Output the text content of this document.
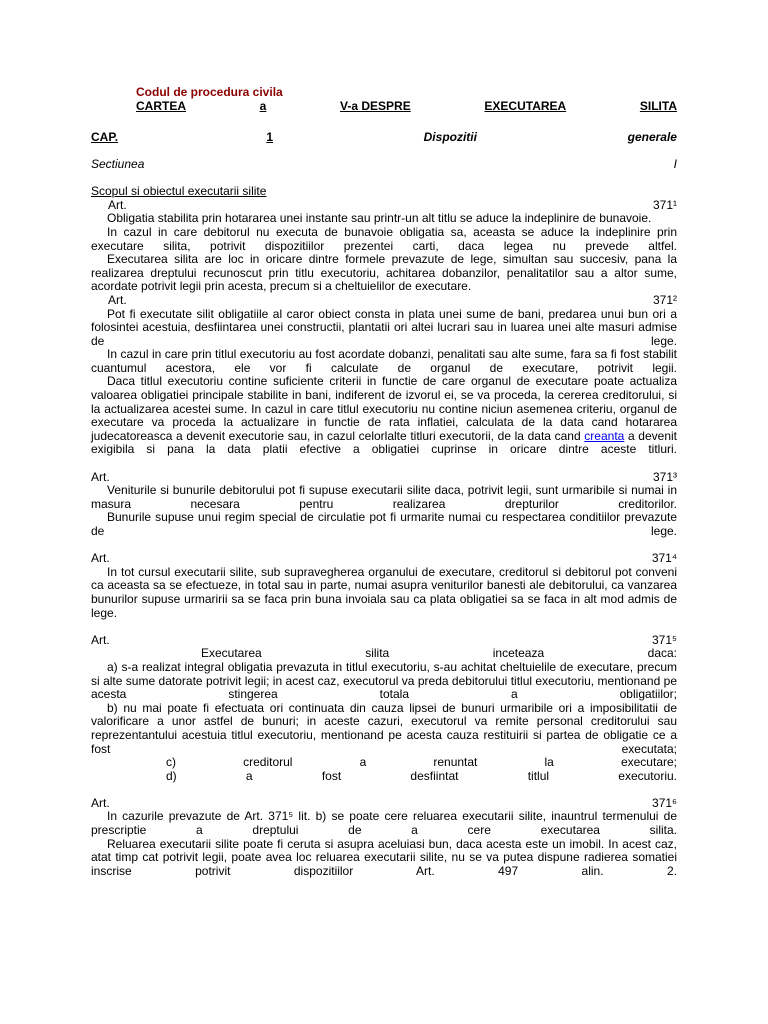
Codul de procedura civila
CARTEA	a	V-a DESPRE	EXECUTAREA	SILITA
CAP.	1	Dispozitii	generale
Sectiunea	I
Scopul si obiectul executarii silite
Art.	371¹
Obligatia stabilita prin hotararea unei instante sau printr-un alt titlu se aduce la indeplinire de bunavoie.
In cazul in care debitorul nu executa de bunavoie obligatia sa, aceasta se aduce la indeplinire prin executare silita, potrivit dispozitiilor prezentei carti, daca legea nu prevede altfel.
Executarea silita are loc in oricare dintre formele prevazute de lege, simultan sau succesiv, pana la realizarea dreptului recunoscut prin titlu executoriu, achitarea dobanzilor, penalitatilor sau a altor sume, acordate potrivit legii prin acesta, precum si a cheltuielilor de executare.
Art.	371²
Pot fi executate silit obligatiile al caror obiect consta in plata unei sume de bani, predarea unui bun ori a folosintei acestuia, desfiintarea unei constructii, plantatii ori altei lucrari sau in luarea unei alte masuri admise de lege.
In cazul in care prin titlul executoriu au fost acordate dobanzi, penalitati sau alte sume, fara sa fi fost stabilit cuantumul acestora, ele vor fi calculate de organul de executare, potrivit legii.
Daca titlul executoriu contine suficiente criterii in functie de care organul de executare poate actualiza valoarea obligatiei principale stabilite in bani, indiferent de izvorul ei, se va proceda, la cererea creditorului, si la actualizarea acestei sume. In cazul in care titlul executoriu nu contine niciun asemenea criteriu, organul de executare va proceda la actualizare in functie de rata inflatiei, calculata de la data cand hotararea judecatoreasca a devenit executorie sau, in cazul celorlalte titluri executorii, de la data cand creanta a devenit exigibila si pana la data platii efective a obligatiei cuprinse in oricare dintre aceste titluri.
Art.	371³
Veniturile si bunurile debitorului pot fi supuse executarii silite daca, potrivit legii, sunt urmaribile si numai in masura necesara pentru realizarea drepturilor creditorilor.
Bunurile supuse unui regim special de circulatie pot fi urmarite numai cu respectarea conditiilor prevazute de lege.
Art.	371⁴
In tot cursul executarii silite, sub supravegherea organului de executare, creditorul si debitorul pot conveni ca aceasta sa se efectueze, in total sau in parte, numai asupra veniturilor banesti ale debitorului, ca vanzarea bunurilor supuse urmaririi sa se faca prin buna invoiala sau ca plata obligatiei sa se faca in alt mod admis de lege.
Art.	371⁵
Executarea silita inceteaza daca:
a) s-a realizat integral obligatia prevazuta in titlul executoriu, s-au achitat cheltuielile de executare, precum si alte sume datorate potrivit legii; in acest caz, executorul va preda debitorului titlul executoriu, mentionand pe acesta stingerea totala a obligatiilor;
b) nu mai poate fi efectuata ori continuata din cauza lipsei de bunuri urmaribile ori a imposibilitatii de valorificare a unor astfel de bunuri; in aceste cazuri, executorul va remite personal creditorului sau reprezentantului acestuia titlul executoriu, mentionand pe acesta cauza restituirii si partea de obligatie ce a fost executata;
c) creditorul a renuntat la executare;
d) a fost desfiintat titlul executoriu.
Art.	371⁶
In cazurile prevazute de Art. 371⁵ lit. b) se poate cere reluarea executarii silite, inauntrul termenului de prescriptie a dreptului de a cere executarea silita.
Reluarea executarii silite poate fi ceruta si asupra aceluiasi bun, daca acesta este un imobil. In acest caz, atat timp cat potrivit legii, poate avea loc reluarea executarii silite, nu se va putea dispune radierea somatiei inscrise potrivit dispozitiilor Art. 497 alin. 2.
